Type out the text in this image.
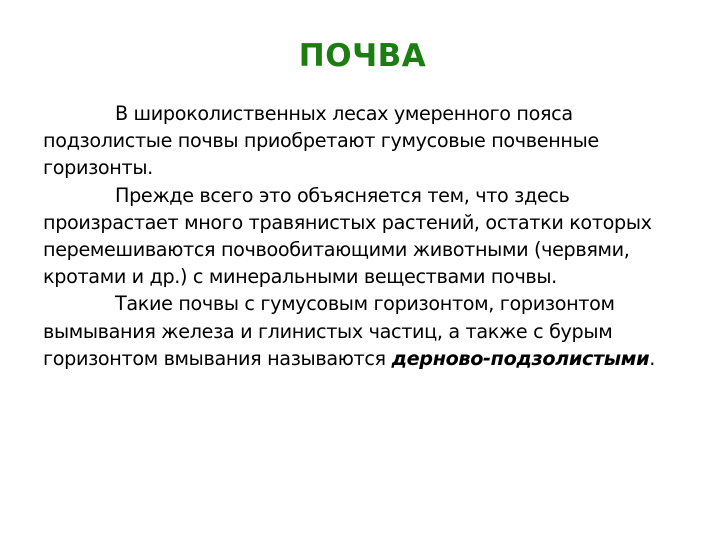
ПОЧВА

В широколиственных лесах умеренного пояса подзолистые почвы приобретают гумусовые почвенные горизонты.

Прежде всего это объясняется тем, что здесь произрастает много травянистых растений, остатки которых перемешиваются почвообитающими животными (червями, кротами и др.) с минеральными веществами почвы.

Такие почвы с гумусовым горизонтом, горизонтом вымывания железа и глинистых частиц, а также с бурым горизонтом вмывания называются дерново-подзолистыми.
